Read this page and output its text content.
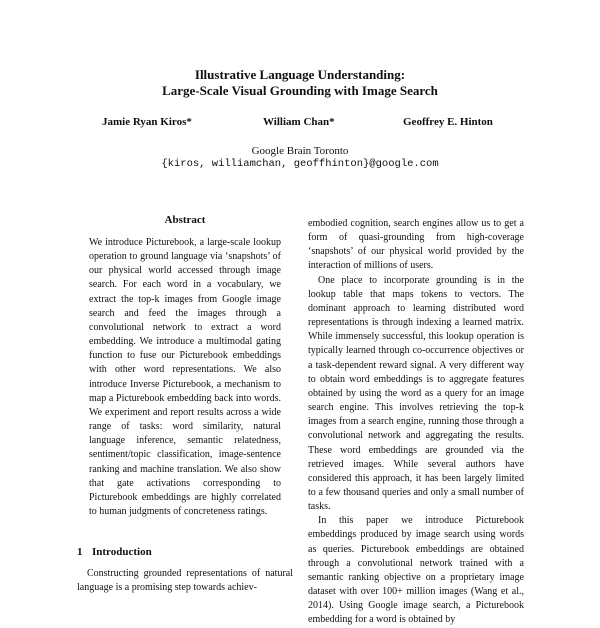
Illustrative Language Understanding:
Large-Scale Visual Grounding with Image Search
Jamie Ryan Kiros*	William Chan*	Geoffrey E. Hinton
Google Brain Toronto
{kiros, williamchan, geoffhinton}@google.com
Abstract

We introduce Picturebook, a large-scale lookup operation to ground language via ‘snapshots’ of our physical world accessed through image search. For each word in a vocabulary, we extract the top-k images from Google image search and feed the images through a convolutional network to extract a word embedding. We introduce a multimodal gating function to fuse our Picturebook embeddings with other word representations. We also introduce Inverse Picturebook, a mechanism to map a Picturebook embedding back into words. We experiment and report results across a wide range of tasks: word similarity, natural language inference, semantic relatedness, sentiment/topic classification, image-sentence ranking and machine translation. We also show that gate activations corresponding to Picturebook embeddings are highly correlated to human judgments of concreteness ratings.

1 Introduction

Constructing grounded representations of natural language is a promising step towards achiev-

embodied cognition, search engines allow us to get a form of quasi-grounding from high-coverage ‘snapshots’ of our physical world provided by the interaction of millions of users.

One place to incorporate grounding is in the lookup table that maps tokens to vectors. The dominant approach to learning distributed word representations is through indexing a learned matrix. While immensely successful, this lookup operation is typically learned through co-occurrence objectives or a task-dependent reward signal. A very different way to obtain word embeddings is to aggregate features obtained by using the word as a query for an image search engine. This involves retrieving the top-k images from a search engine, running those through a convolutional network and aggregating the results. These word embeddings are grounded via the retrieved images. While several authors have considered this approach, it has been largely limited to a few thousand queries and only a small number of tasks.

In this paper we introduce Picturebook embeddings produced by image search using words as queries. Picturebook embeddings are obtained through a convolutional network trained with a semantic ranking objective on a proprietary image dataset with over 100+ million images (Wang et al., 2014). Using Google image search, a Picturebook embedding for a word is obtained by
